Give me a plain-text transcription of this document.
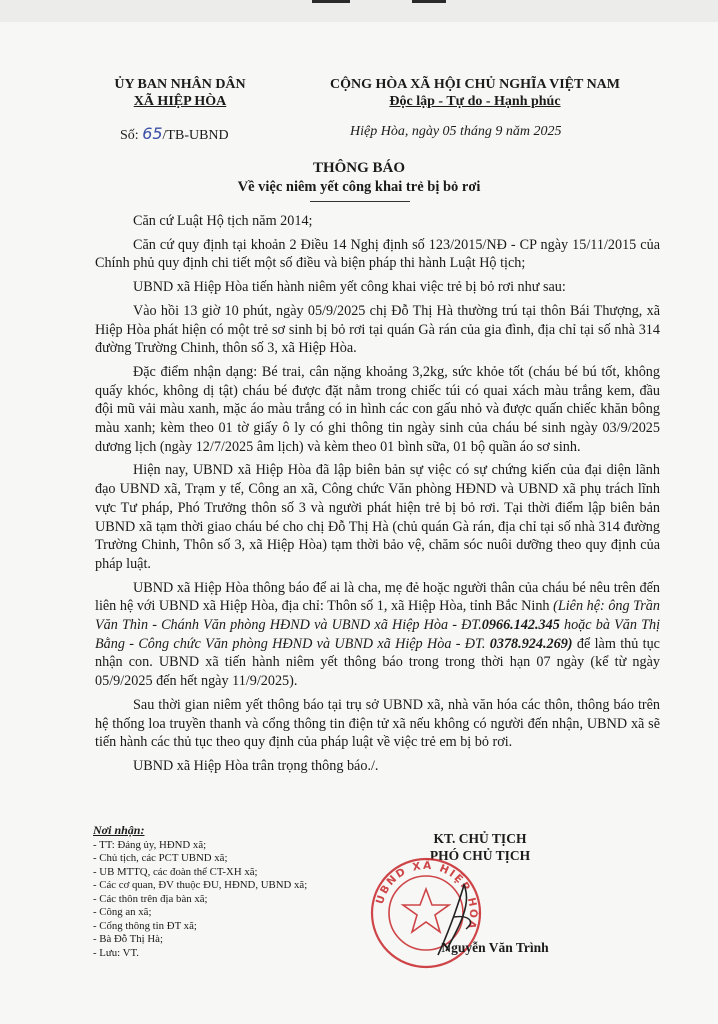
ỦY BAN NHÂN DÂN
XÃ HIỆP HÒA
CỘNG HÒA XÃ HỘI CHỦ NGHĨA VIỆT NAM
Độc lập - Tự do - Hạnh phúc
Số: 65/TB-UBND	Hiệp Hòa, ngày 05 tháng 9 năm 2025
THÔNG BÁO
Về việc niêm yết công khai trẻ bị bỏ rơi

Căn cứ Luật Hộ tịch năm 2014;

Căn cứ quy định tại khoản 2 Điều 14 Nghị định số 123/2015/NĐ - CP ngày 15/11/2015 của Chính phủ quy định chi tiết một số điều và biện pháp thi hành Luật Hộ tịch;

UBND xã Hiệp Hòa tiến hành niêm yết công khai việc trẻ bị bỏ rơi như sau:

Vào hồi 13 giờ 10 phút, ngày 05/9/2025 chị Đỗ Thị Hà thường trú tại thôn Bái Thượng, xã Hiệp Hòa phát hiện có một trẻ sơ sinh bị bỏ rơi tại quán Gà rán của gia đình, địa chỉ tại số nhà 314 đường Trường Chinh, thôn số 3, xã Hiệp Hòa.

Đặc điểm nhận dạng: Bé trai, cân nặng khoảng 3,2kg, sức khỏe tốt (cháu bé bú tốt, không quấy khóc, không dị tật) cháu bé được đặt nằm trong chiếc túi có quai xách màu trắng kem, đầu đội mũ vải màu xanh, mặc áo màu trắng có in hình các con gấu nhỏ và được quấn chiếc khăn bông màu xanh; kèm theo 01 tờ giấy ô ly có ghi thông tin ngày sinh của cháu bé sinh ngày 03/9/2025 dương lịch (ngày 12/7/2025 âm lịch) và kèm theo 01 bình sữa, 01 bộ quần áo sơ sinh.

Hiện nay, UBND xã Hiệp Hòa đã lập biên bản sự việc có sự chứng kiến của đại diện lãnh đạo UBND xã, Trạm y tế, Công an xã, Công chức Văn phòng HĐND và UBND xã phụ trách lĩnh vực Tư pháp, Phó Trưởng thôn số 3 và người phát hiện trẻ bị bỏ rơi. Tại thời điểm lập biên bản UBND xã tạm thời giao cháu bé cho chị Đỗ Thị Hà (chủ quán Gà rán, địa chỉ tại số nhà 314 đường Trường Chinh, Thôn số 3, xã Hiệp Hòa) tạm thời bảo vệ, chăm sóc nuôi dưỡng theo quy định của pháp luật.

UBND xã Hiệp Hòa thông báo để ai là cha, mẹ đẻ hoặc người thân của cháu bé nêu trên đến liên hệ với UBND xã Hiệp Hòa, địa chỉ: Thôn số 1, xã Hiệp Hòa, tỉnh Bắc Ninh (Liên hệ: ông Trần Văn Thìn - Chánh Văn phòng HĐND và UBND xã Hiệp Hòa - ĐT.0966.142.345 hoặc bà Văn Thị Bằng - Công chức Văn phòng HĐND và UBND xã Hiệp Hòa - ĐT. 0378.924.269) để làm thủ tục nhận con. UBND xã tiến hành niêm yết thông báo trong trong thời hạn 07 ngày (kể từ ngày 05/9/2025 đến hết ngày 11/9/2025).

Sau thời gian niêm yết thông báo tại trụ sở UBND xã, nhà văn hóa các thôn, thông báo trên hệ thống loa truyền thanh và cổng thông tin điện tử xã nếu không có người đến nhận, UBND xã sẽ tiến hành các thủ tục theo quy định của pháp luật về việc trẻ em bị bỏ rơi.

UBND xã Hiệp Hòa trân trọng thông báo./.

Nơi nhận:
- TT: Đảng ủy, HĐND xã;
- Chủ tịch, các PCT UBND xã;
- UB MTTQ, các đoàn thể CT-XH xã;
- Các cơ quan, ĐV thuộc ĐU, HĐND, UBND xã;
- Các thôn trên địa bàn xã;
- Công an xã;
- Cổng thông tin ĐT xã;
- Bà Đỗ Thị Hà;
- Lưu: VT.
KT. CHỦ TỊCH
PHÓ CHỦ TỊCH
UBND XÃ HIỆP HÒA
Nguyễn Văn Trình
